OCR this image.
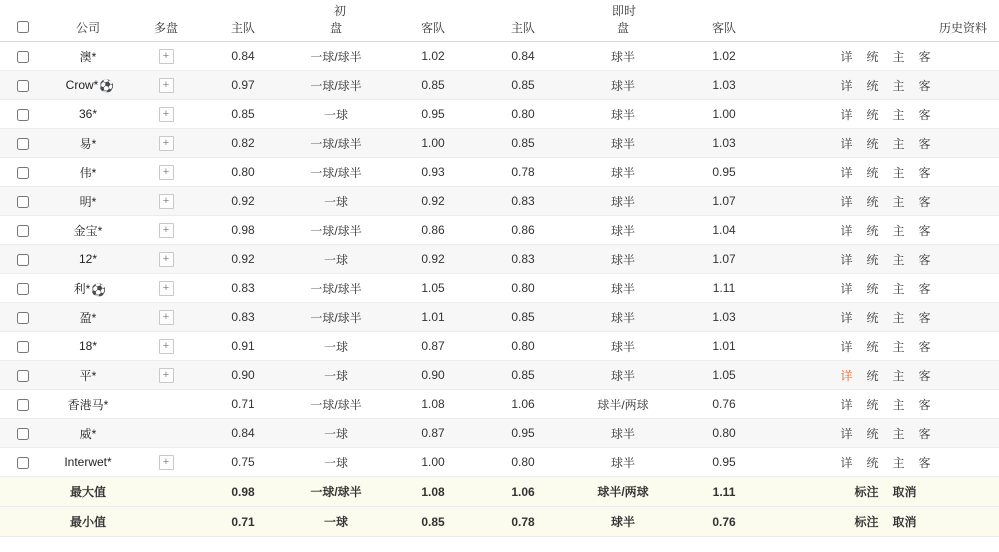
			初			即时			
	公司	多盘	主队	盘	客队	主队	盘	客队	历史资料
	澳*	+	0.84	一球/球半	1.02	0.84	球半	1.02	详 统 主 客
	Crow*⚽	+	0.97	一球/球半	0.85	0.85	球半	1.03	详 统 主 客
	36*	+	0.85	一球	0.95	0.80	球半	1.00	详 统 主 客
	易*	+	0.82	一球/球半	1.00	0.85	球半	1.03	详 统 主 客
	伟*	+	0.80	一球/球半	0.93	0.78	球半	0.95	详 统 主 客
	明*	+	0.92	一球	0.92	0.83	球半	1.07	详 统 主 客
	金宝*	+	0.98	一球/球半	0.86	0.86	球半	1.04	详 统 主 客
	12*	+	0.92	一球	0.92	0.83	球半	1.07	详 统 主 客
	利*⚽	+	0.83	一球/球半	1.05	0.80	球半	1.11	详 统 主 客
	盈*	+	0.83	一球/球半	1.01	0.85	球半	1.03	详 统 主 客
	18*	+	0.91	一球	0.87	0.80	球半	1.01	详 统 主 客
	平*	+	0.90	一球	0.90	0.85	球半	1.05	详 统 主 客
	香港马*		0.71	一球/球半	1.08	1.06	球半/两球	0.76	详 统 主 客
	威*		0.84	一球	0.87	0.95	球半	0.80	详 统 主 客
	Interwet*	+	0.75	一球	1.00	0.80	球半	0.95	详 统 主 客
	最大值		0.98	一球/球半	1.08	1.06	球半/两球	1.11	标注 取消
	最小值		0.71	一球	0.85	0.78	球半	0.76	标注 取消
